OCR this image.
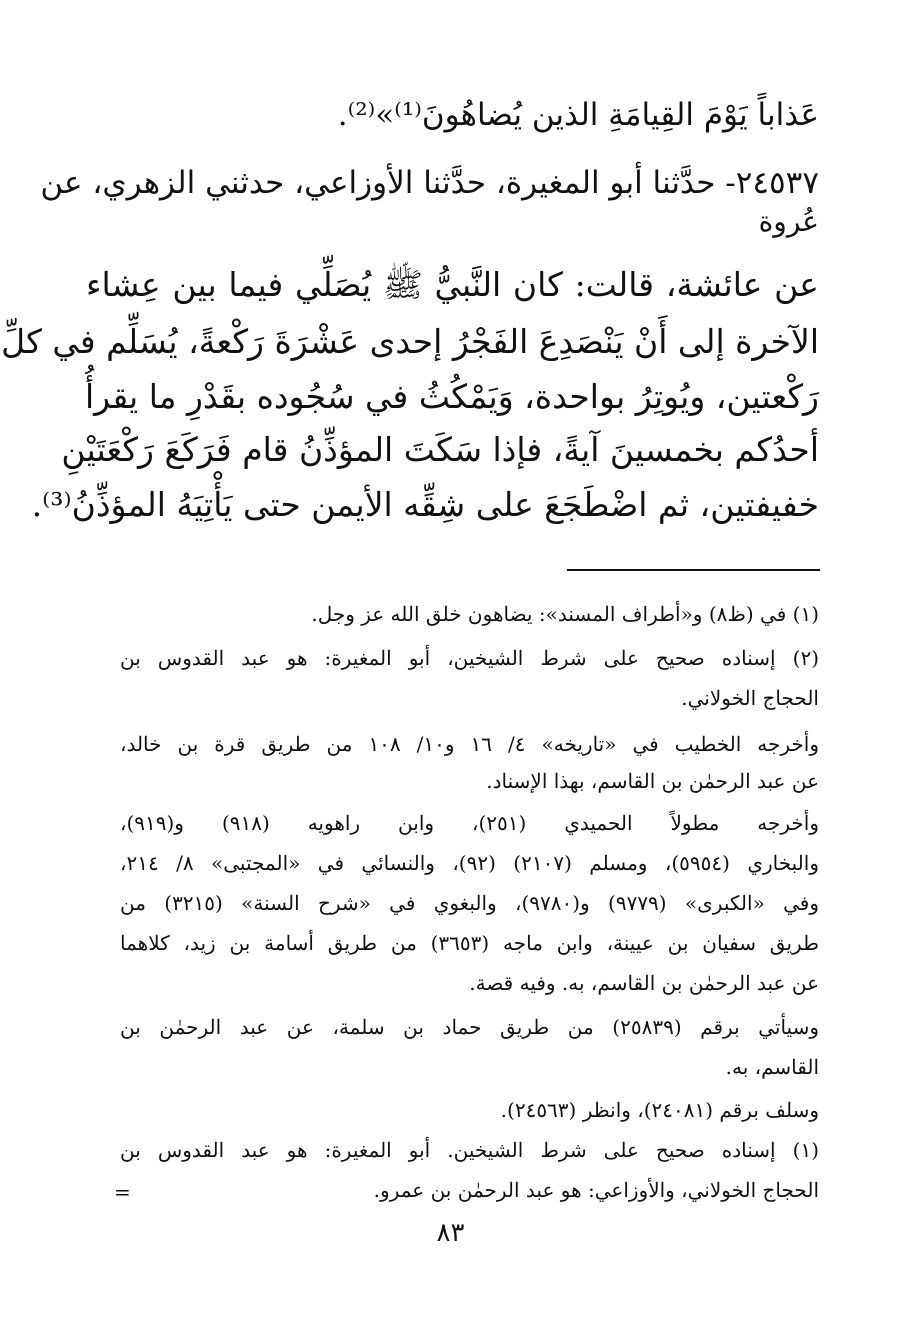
عَذاباً يَوْمَ القِيامَةِ الذين يُضاهُونَ⁽¹⁾»⁽²⁾.
٢٤٥٣٧- حدَّثنا أبو المغيرة، حدَّثنا الأوزاعي، حدثني الزهري، عن
عُروة
عن عائشة، قالت: كان النَّبيُّ ﷺ يُصَلِّي فيما بين عِشاء
الآخرة إلى أَنْ يَنْصَدِعَ الفَجْرُ إحدى عَشْرَةَ رَكْعةً، يُسَلِّم في كلِّ
رَكْعتين، ويُوتِرُ بواحدة، وَيَمْكُثُ في سُجُوده بقَدْرِ ما يقرأُ
أحدُكم بخمسينَ آيةً، فإذا سَكَتَ المؤذِّنُ قام فَرَكَعَ رَكْعَتَيْنِ
خفيفتين، ثم اضْطَجَعَ على شِقِّه الأيمن حتى يَأْتِيَهُ المؤذِّنُ⁽³⁾.
(١) في (ظ٨) و«أطراف المسند»: يضاهون خلق الله عز وجل.
(٢) إسناده صحيح على شرط الشيخين، أبو المغيرة: هو عبد القدوس بن
الحجاج الخولاني.
وأخرجه الخطيب في «تاريخه» ٤/ ١٦ و١٠/ ١٠٨ من طريق قرة بن خالد،
عن عبد الرحمٰن بن القاسم، بهذا الإسناد.
وأخرجه مطولاً الحميدي (٢٥١)، وابن راهويه (٩١٨) و(٩١٩)،
والبخاري (٥٩٥٤)، ومسلم (٢١٠٧) (٩٢)، والنسائي في «المجتبى» ٨/ ٢١٤،
وفي «الكبرى» (٩٧٧٩) و(٩٧٨٠)، والبغوي في «شرح السنة» (٣٢١٥) من
طريق سفيان بن عيينة، وابن ماجه (٣٦٥٣) من طريق أسامة بن زيد، كلاهما
عن عبد الرحمٰن بن القاسم، به. وفيه قصة.
وسيأتي برقم (٢٥٨٣٩) من طريق حماد بن سلمة، عن عبد الرحمٰن بن
القاسم، به.
وسلف برقم (٢٤٠٨١)، وانظر (٢٤٥٦٣).
(١) إسناده صحيح على شرط الشيخين. أبو المغيرة: هو عبد القدوس بن
الحجاج الخولاني، والأوزاعي: هو عبد الرحمٰن بن عمرو.
=
٨٣
